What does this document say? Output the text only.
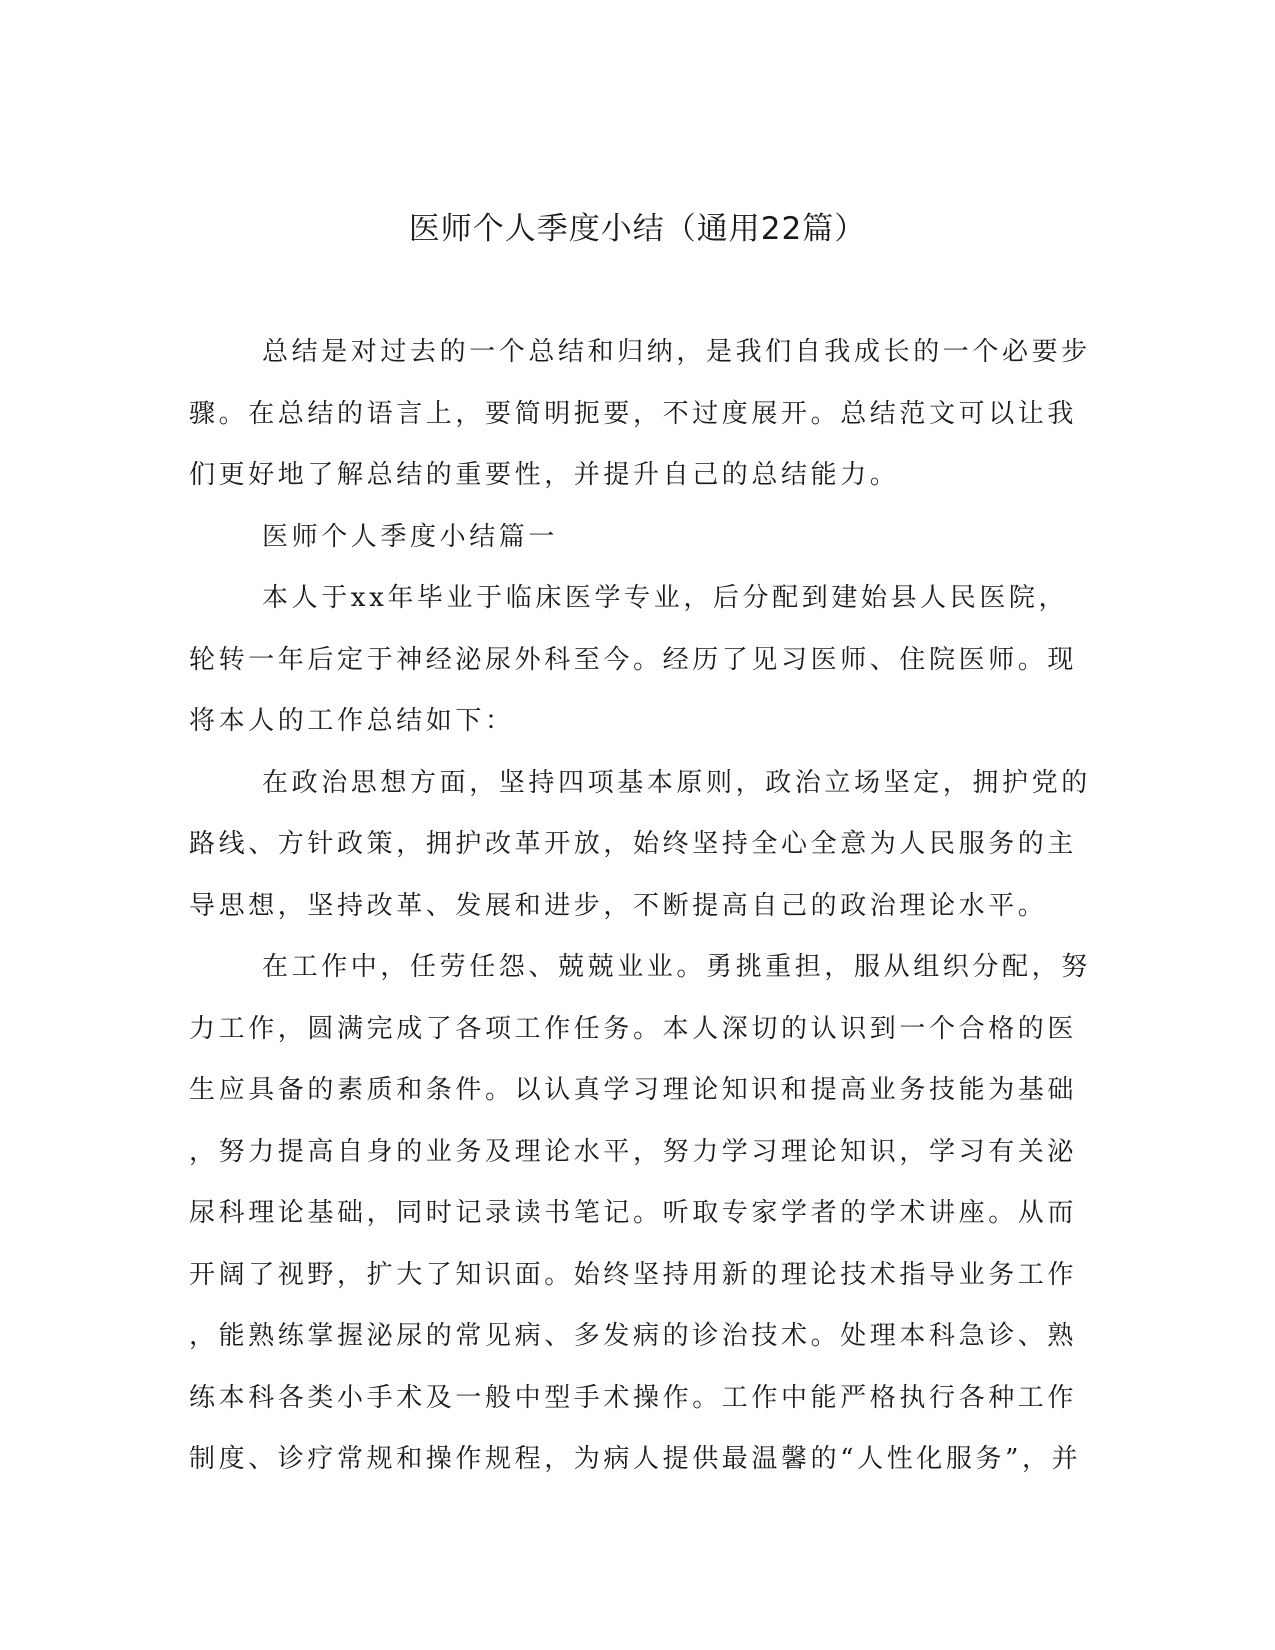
医师个人季度小结（通用22篇）

总结是对过去的一个总结和归纳，是我们自我成长的一个必要步
骤。在总结的语言上，要简明扼要，不过度展开。总结范文可以让我
们更好地了解总结的重要性，并提升自己的总结能力。

医师个人季度小结篇一

本人于xx年毕业于临床医学专业，后分配到建始县人民医院，
轮转一年后定于神经泌尿外科至今。经历了见习医师、住院医师。现
将本人的工作总结如下：

在政治思想方面，坚持四项基本原则，政治立场坚定，拥护党的
路线、方针政策，拥护改革开放，始终坚持全心全意为人民服务的主
导思想，坚持改革、发展和进步，不断提高自己的政治理论水平。

在工作中，任劳任怨、兢兢业业。勇挑重担，服从组织分配，努
力工作，圆满完成了各项工作任务。本人深切的认识到一个合格的医
生应具备的素质和条件。以认真学习理论知识和提高业务技能为基础
，努力提高自身的业务及理论水平，努力学习理论知识，学习有关泌
尿科理论基础，同时记录读书笔记。听取专家学者的学术讲座。从而
开阔了视野，扩大了知识面。始终坚持用新的理论技术指导业务工作
，能熟练掌握泌尿的常见病、多发病的诊治技术。处理本科急诊、熟
练本科各类小手术及一般中型手术操作。工作中能严格执行各种工作
制度、诊疗常规和操作规程，为病人提供最温馨的“人性化服务”，并
